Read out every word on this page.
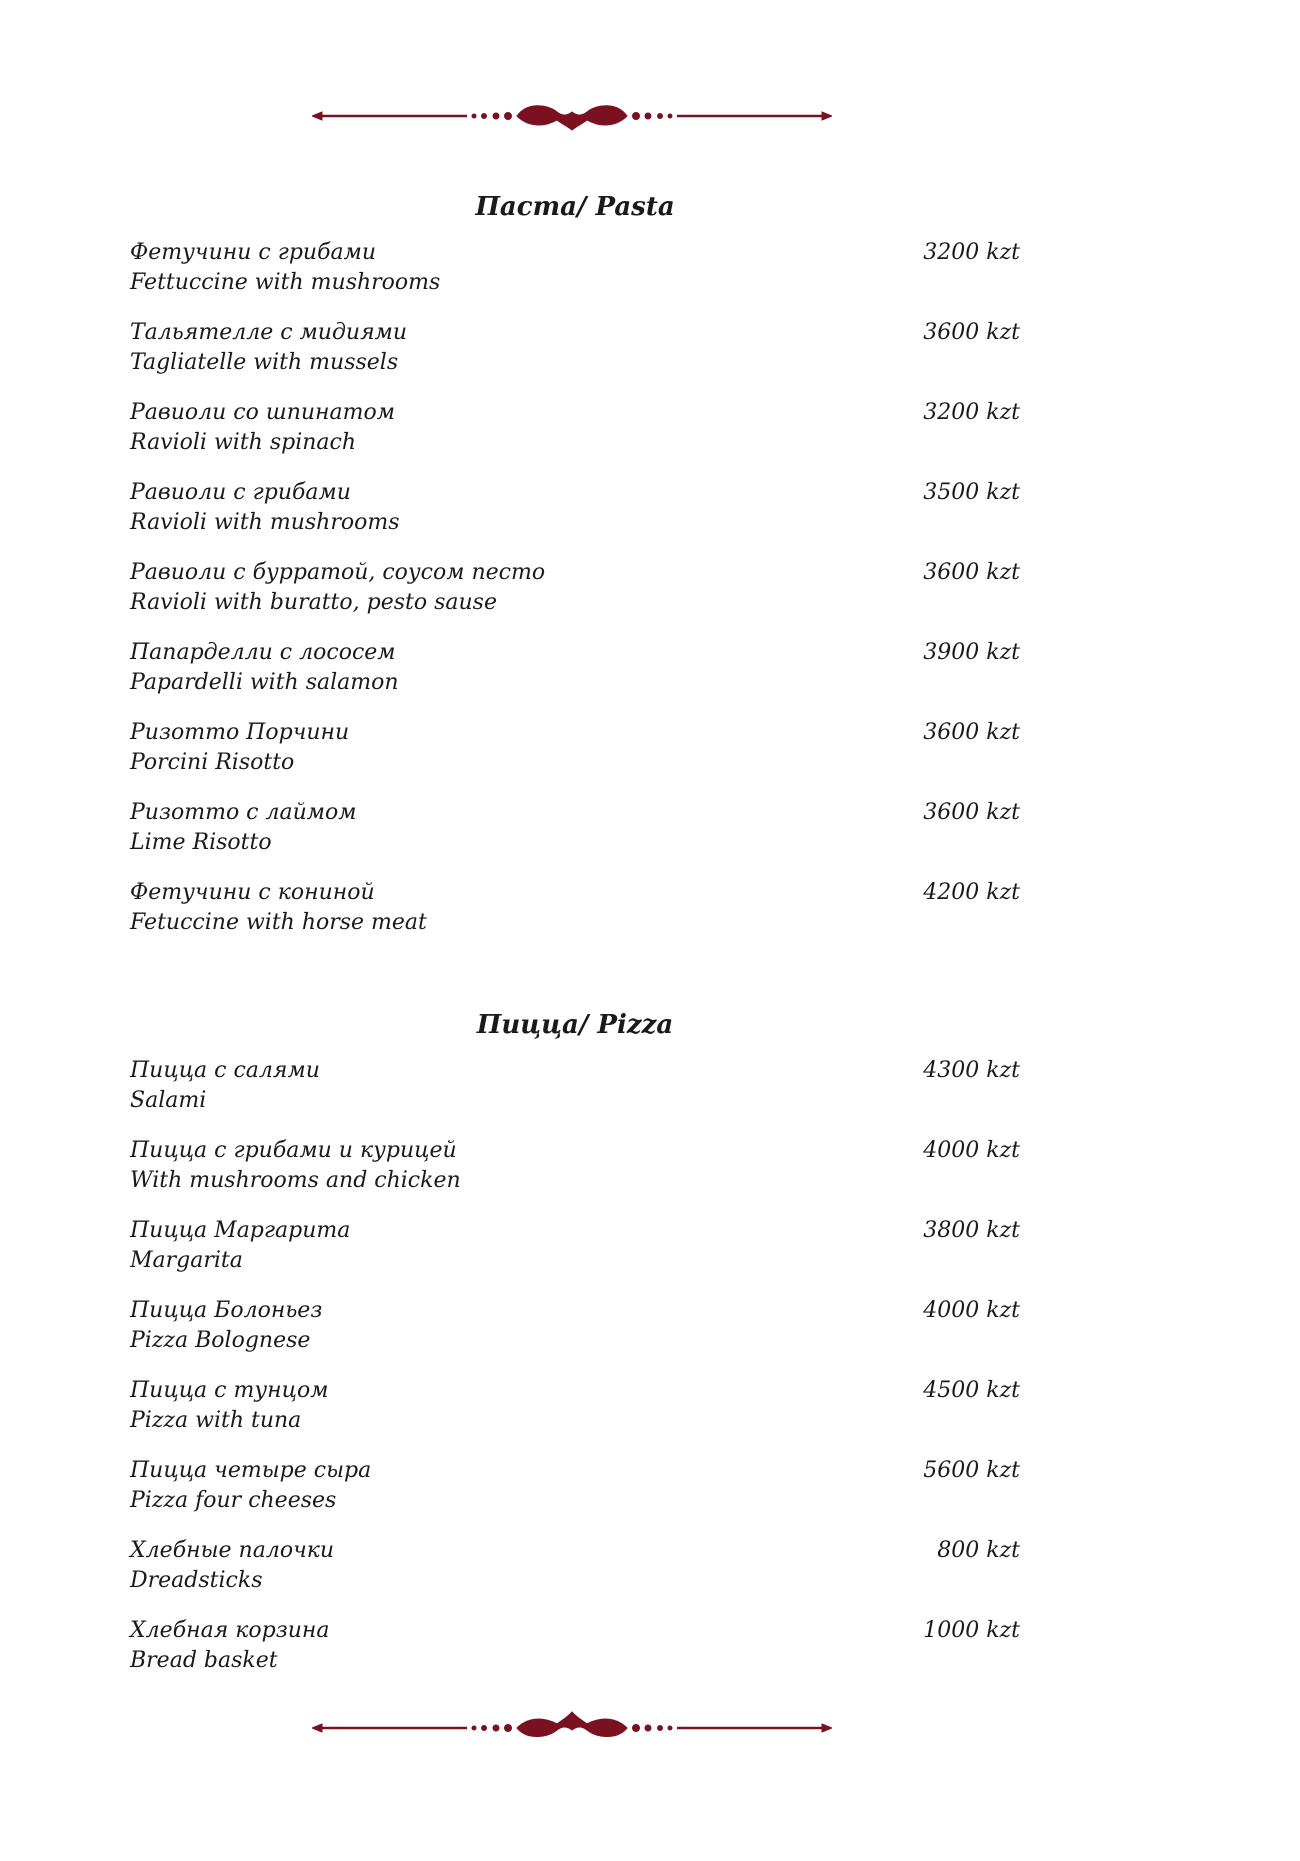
Паста/ Pasta
Фетучини с грибами
Fettuccine with mushrooms
3200 kzt
Тальятелле с мидиями
Tagliatelle with mussels
3600 kzt
Равиоли со шпинатом
Ravioli with spinach
3200 kzt
Равиоли с грибами
Ravioli with mushrooms
3500 kzt
Равиоли с бурратой, соусом песто
Ravioli with buratto, pesto sause
3600 kzt
Папарделли с лососем
Papardelli with salamon
3900 kzt
Ризотто Порчини
Porcini Risotto
3600 kzt
Ризотто с лаймом
Lime Risotto
3600 kzt
Фетучини с кониной
Fetuccine with horse meat
4200 kzt
Пицца/ Pizza
Пицца с салями
Salami
4300 kzt
Пицца с грибами и курицей
With mushrooms and chicken
4000 kzt
Пицца Маргарита
Margarita
3800 kzt
Пицца Болоньез
Pizza Bolognese
4000 kzt
Пицца с тунцом
Pizza with tuna
4500 kzt
Пицца четыре сыра
Pizza four cheeses
5600 kzt
Хлебные палочки
Dreadsticks
800 kzt
Хлебная корзина
Bread basket
1000 kzt
